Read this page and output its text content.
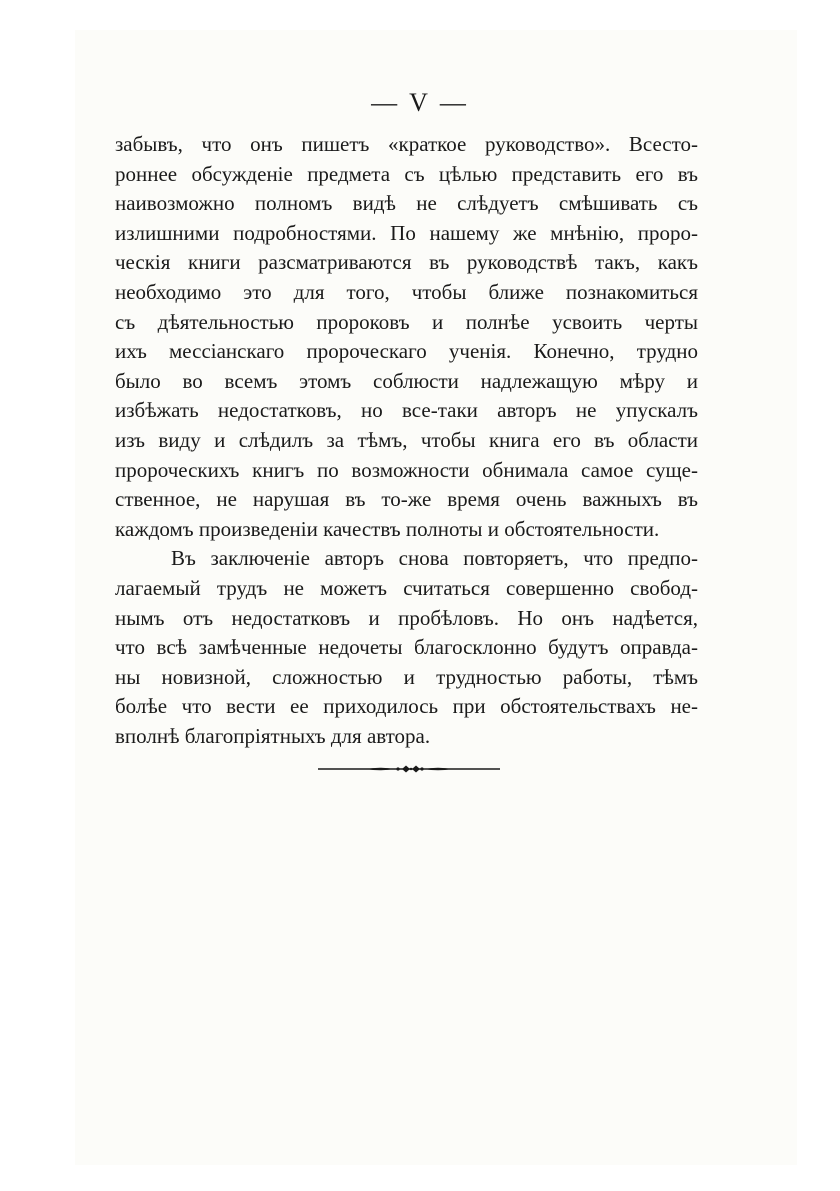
— V —
забывъ, что онъ пишетъ «краткое руководство». Всесто-
роннее обсужденіе предмета съ цѣлью представить его въ
наивозможно полномъ видѣ не слѣдуетъ смѣшивать съ
излишними подробностями. По нашему же мнѣнію, проро-
ческія книги разсматриваются въ руководствѣ такъ, какъ
необходимо это для того, чтобы ближе познакомиться
съ дѣятельностью пророковъ и полнѣе усвоить черты
ихъ мессіанскаго пророческаго ученія. Конечно, трудно
было во всемъ этомъ соблюсти надлежащую мѣру и
избѣжать недостатковъ, но все-таки авторъ не упускалъ
изъ виду и слѣдилъ за тѣмъ, чтобы книга его въ области
пророческихъ книгъ по возможности обнимала самое суще-
ственное, не нарушая въ то-же время очень важныхъ въ
каждомъ произведеніи качествъ полноты и обстоятельности.
Въ заключеніе авторъ снова повторяетъ, что предпо-
лагаемый трудъ не можетъ считаться совершенно свобод-
нымъ отъ недостатковъ и пробѣловъ. Но онъ надѣется,
что всѣ замѣченные недочеты благосклонно будутъ оправда-
ны новизной, сложностью и трудностью работы, тѣмъ
болѣе что вести ее приходилось при обстоятельствахъ не-
вполнѣ благопріятныхъ для автора.
